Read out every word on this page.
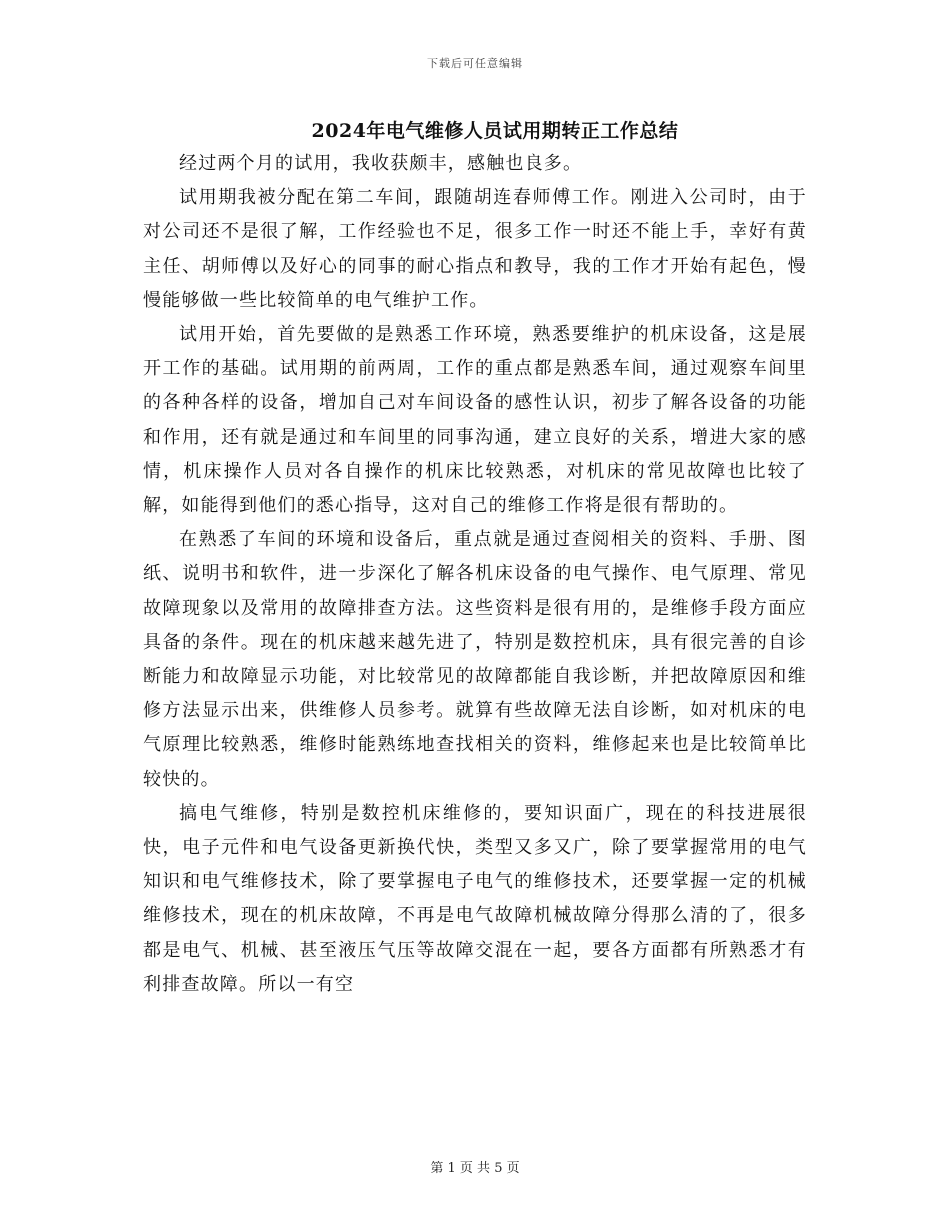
下载后可任意编辑
2024年电气维修人员试用期转正工作总结

经过两个月的试用，我收获颇丰，感触也良多。

试用期我被分配在第二车间，跟随胡连春师傅工作。刚进入公司时，由于对公司还不是很了解，工作经验也不足，很多工作一时还不能上手，幸好有黄主任、胡师傅以及好心的同事的耐心指点和教导，我的工作才开始有起色，慢慢能够做一些比较简单的电气维护工作。

试用开始，首先要做的是熟悉工作环境，熟悉要维护的机床设备，这是展开工作的基础。试用期的前两周，工作的重点都是熟悉车间，通过观察车间里的各种各样的设备，增加自己对车间设备的感性认识，初步了解各设备的功能和作用，还有就是通过和车间里的同事沟通，建立良好的关系，增进大家的感情，机床操作人员对各自操作的机床比较熟悉，对机床的常见故障也比较了解，如能得到他们的悉心指导，这对自己的维修工作将是很有帮助的。

在熟悉了车间的环境和设备后，重点就是通过查阅相关的资料、手册、图纸、说明书和软件，进一步深化了解各机床设备的电气操作、电气原理、常见故障现象以及常用的故障排查方法。这些资料是很有用的，是维修手段方面应具备的条件。现在的机床越来越先进了，特别是数控机床，具有很完善的自诊断能力和故障显示功能，对比较常见的故障都能自我诊断，并把故障原因和维修方法显示出来，供维修人员参考。就算有些故障无法自诊断，如对机床的电气原理比较熟悉，维修时能熟练地查找相关的资料，维修起来也是比较简单比较快的。

搞电气维修，特别是数控机床维修的，要知识面广，现在的科技进展很快，电子元件和电气设备更新换代快，类型又多又广，除了要掌握常用的电气知识和电气维修技术，除了要掌握电子电气的维修技术，还要掌握一定的机械维修技术，现在的机床故障，不再是电气故障机械故障分得那么清的了，很多都是电气、机械、甚至液压气压等故障交混在一起，要各方面都有所熟悉才有利排查故障。所以一有空

第 1 页 共 5 页
